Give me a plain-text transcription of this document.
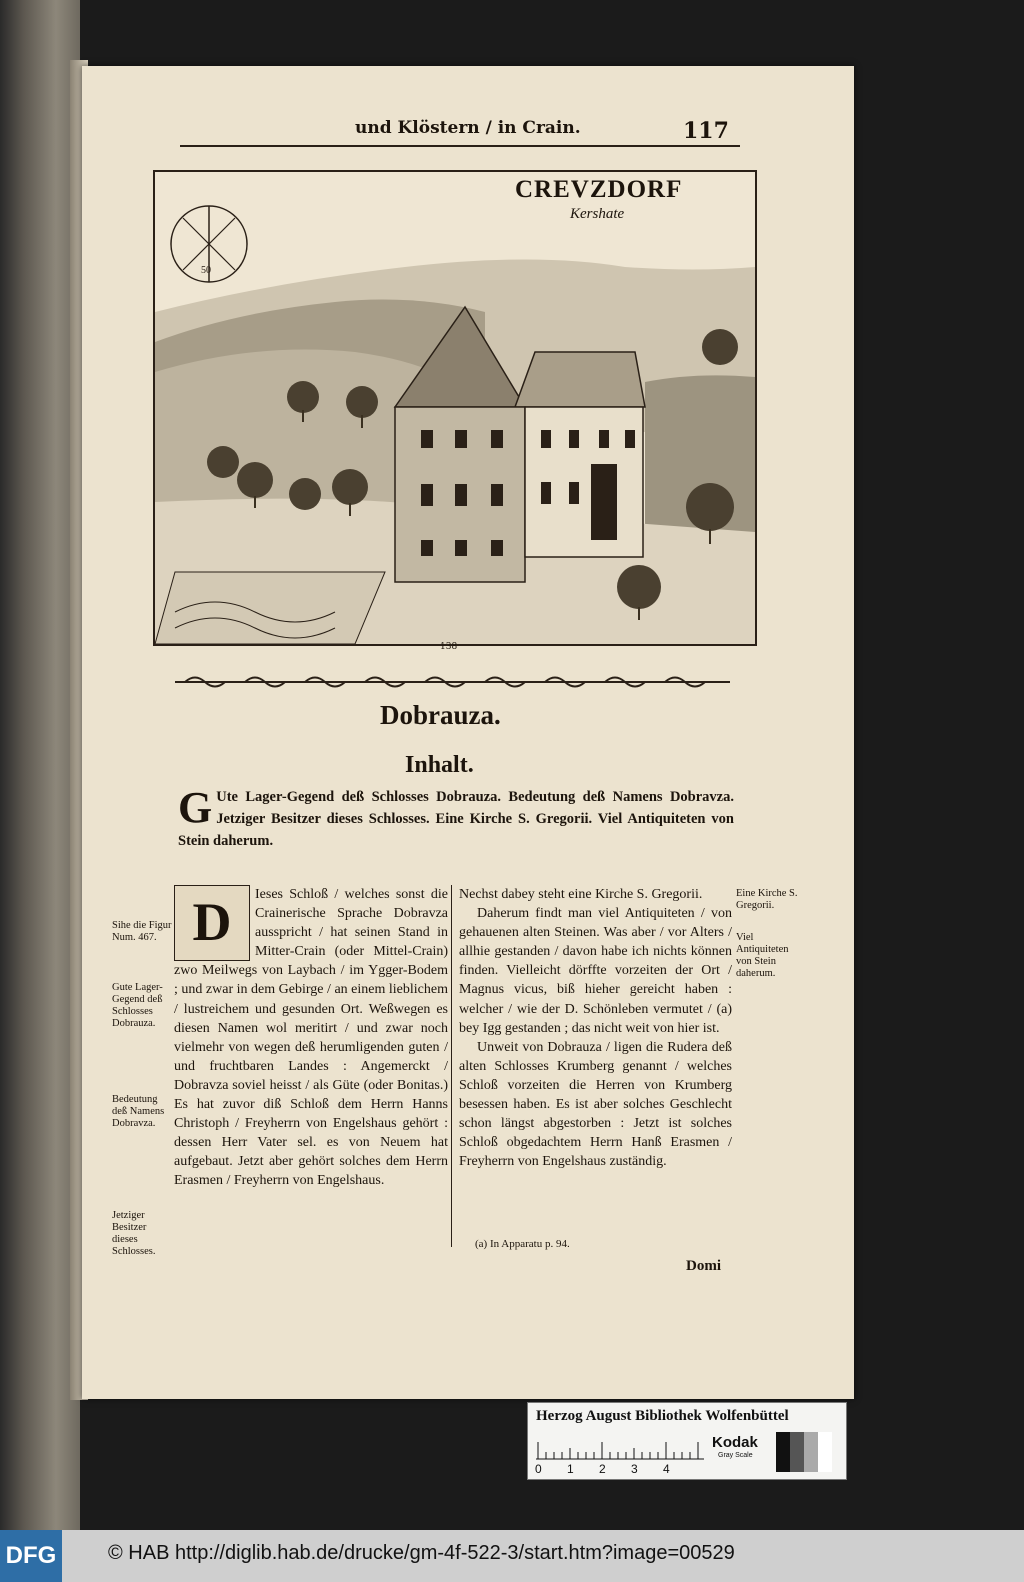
und Klöstern / in Crain.	117
50
CREVZDORF
Kershate
138
Dobrauza.
Inhalt.
G Ute Lager-Gegend deß Schlosses Dobrauza. Bedeutung deß Namens Dobravza. Jetziger Besitzer dieses Schlosses. Eine Kirche S. Gregorii. Viel Antiquiteten von Stein daherum.
D	Ieses Schloß / welches sonst die Crainerische Sprache Dobravza ausspricht / hat seinen Stand in Mitter-Crain (oder Mittel-Crain) zwo Meilwegs von Laybach / im Ygger-Bodem ; und zwar in dem Gebirge / an einem lieblichem / lustreichem und gesunden Ort. Weßwegen es diesen Namen wol meritirt / und zwar noch vielmehr von wegen deß herumligenden guten / und fruchtbaren Landes : Angemerckt / Dobravza soviel heisst / als Güte (oder Bonitas.) Es hat zuvor diß Schloß dem Herrn Hanns Christoph / Freyherrn von Engelshaus gehört : dessen Herr Vater sel. es von Neuem hat aufgebaut. Jetzt aber gehört solches dem Herrn Erasmen / Freyherrn von Engelshaus.

Nechst dabey steht eine Kirche S. Gregorii.

Daherum findt man viel Antiquiteten / von gehauenen alten Steinen. Was aber / vor Alters / allhie gestanden / davon habe ich nichts können finden. Vielleicht dörffte vorzeiten der Ort / Magnus vicus, biß hieher gereicht haben : welcher / wie der D. Schönleben vermutet / (a) bey Igg gestanden ; das nicht weit von hier ist.

Unweit von Dobrauza / ligen die Rudera deß alten Schlosses Krumberg genannt / welches Schloß vorzeiten die Herren von Krumberg besessen haben. Es ist aber solches Geschlecht schon längst abgestorben : Jetzt ist solches Schloß obgedachtem Herrn Hanß Erasmen / Freyherrn von Engelshaus zuständig.

Sihe die Figur Num. 467.
Gute Lager-Gegend deß Schlosses Dobrauza.
Bedeutung deß Namens Dobravza.
Jetziger Besitzer dieses Schlosses.
Eine Kirche S. Gregorii.
Viel Antiquiteten von Stein daherum.
(a) In Apparatu p. 94.
Domi
Herzog August Bibliothek Wolfenbüttel
0 1 2 3 4
Kodak
Gray Scale
DFG	© HAB http://diglib.hab.de/drucke/gm-4f-522-3/start.htm?image=00529
